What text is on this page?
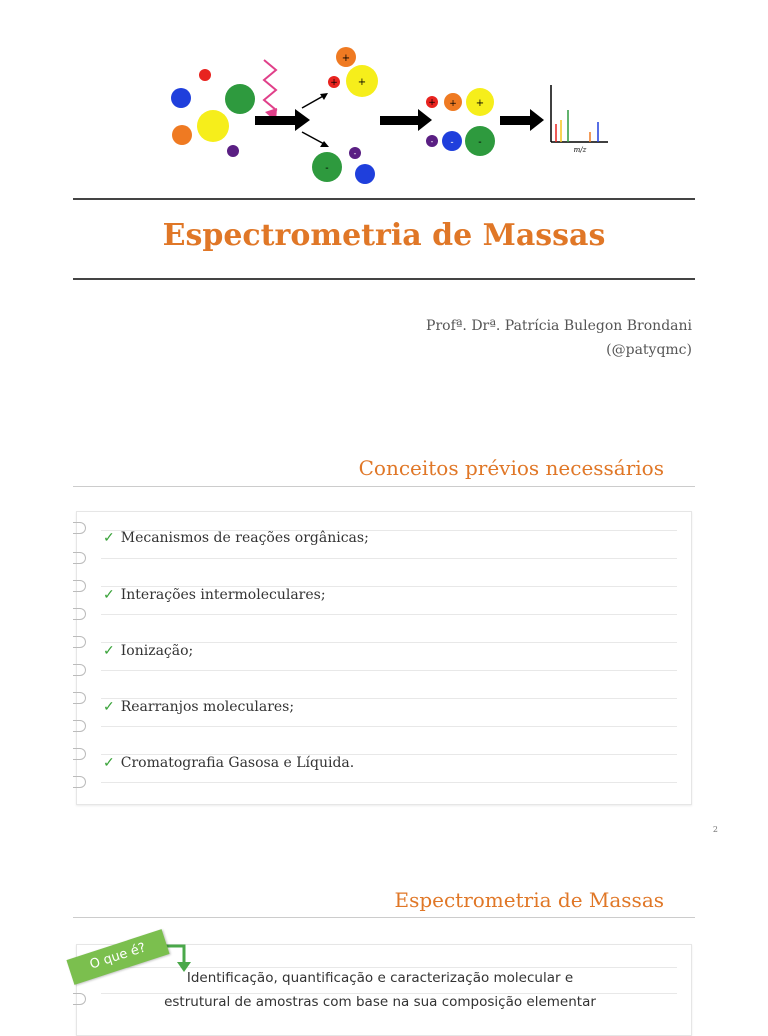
+
+ +
-
-
+ + +
- - -
m/z
Espectrometria de Massas
Profª. Drª. Patrícia Bulegon Brondani
(@patyqmc)
Conceitos prévios necessários
✓ Mecanismos de reações orgânicas;
✓ Interações intermoleculares;
✓ Ionização;
✓ Rearranjos moleculares;
✓ Cromatografia Gasosa e Líquida.
2
Espectrometria de Massas
O que é?
Identificação, quantificação e caracterização molecular e
estrutural de amostras com base na sua composição elementar
